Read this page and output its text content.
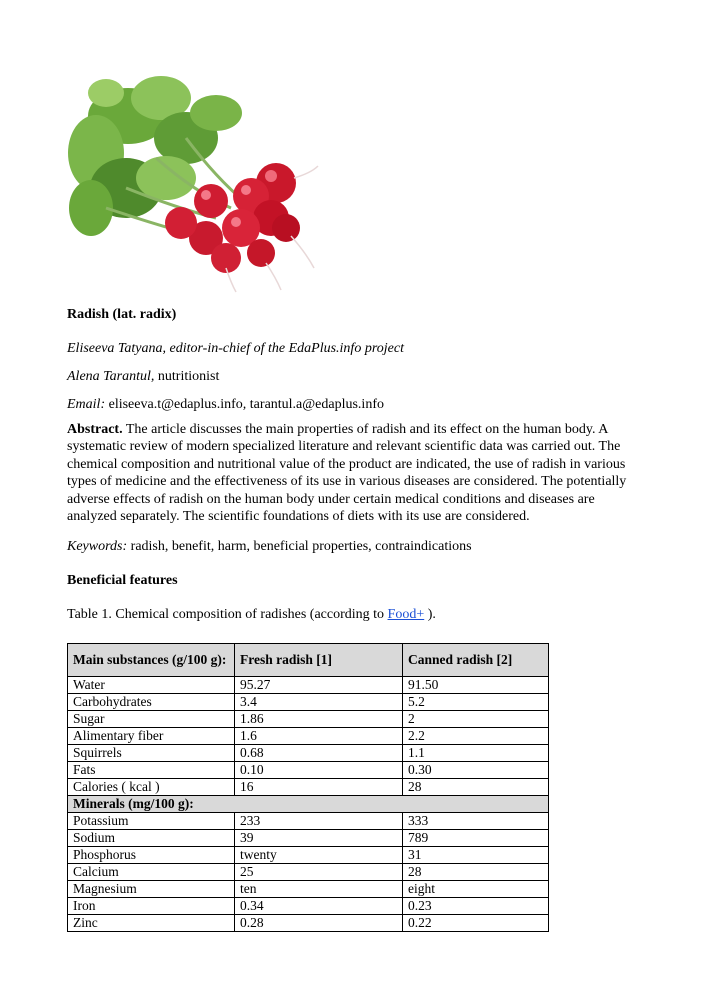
Radish (lat. radix)

Eliseeva Tatyana, editor-in-chief of the EdaPlus.info project

Alena Tarantul, nutritionist

Email: eliseeva.t@edaplus.info, tarantul.a@edaplus.info

Abstract. The article discusses the main properties of radish and its effect on the human body. A systematic review of modern specialized literature and relevant scientific data was carried out. The chemical composition and nutritional value of the product are indicated, the use of radish in various types of medicine and the effectiveness of its use in various diseases are considered. The potentially adverse effects of radish on the human body under certain medical conditions and diseases are analyzed separately. The scientific foundations of diets with its use are considered.

Keywords: radish, benefit, harm, beneficial properties, contraindications

Beneficial features

Table 1. Chemical composition of radishes (according to Food+ ).

Main substances (g/100 g):	Fresh radish [1]	Canned radish [2]
Water	95.27	91.50
Carbohydrates	3.4	5.2
Sugar	1.86	2
Alimentary fiber	1.6	2.2
Squirrels	0.68	1.1
Fats	0.10	0.30
Calories ( kcal )	16	28
Minerals (mg/100 g):		
Potassium	233	333
Sodium	39	789
Phosphorus	twenty	31
Calcium	25	28
Magnesium	ten	eight
Iron	0.34	0.23
Zinc	0.28	0.22
